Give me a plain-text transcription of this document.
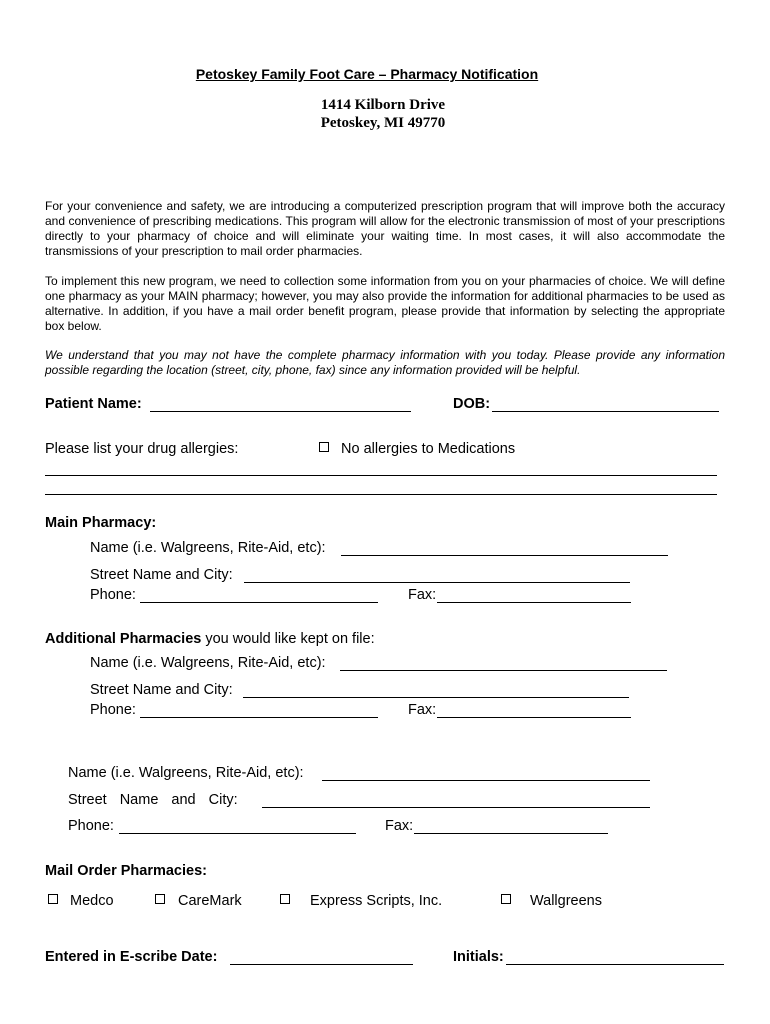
Petoskey Family Foot Care – Pharmacy Notification
1414 Kilborn Drive
Petoskey, MI 49770

For your convenience and safety, we are introducing a computerized prescription program that will improve both the accuracy and convenience of prescribing medications. This program will allow for the electronic transmission of most of your prescriptions directly to your pharmacy of choice and will eliminate your waiting time. In most cases, it will also accommodate the transmissions of your prescription to mail order pharmacies.

To implement this new program, we need to collection some information from you on your pharmacies of choice. We will define one pharmacy as your MAIN pharmacy; however, you may also provide the information for additional pharmacies to be used as alternative. In addition, if you have a mail order benefit program, please provide that information by selecting the appropriate box below.

We understand that you may not have the complete pharmacy information with you today. Please provide any information possible regarding the location (street, city, phone, fax) since any information provided will be helpful.

Patient Name:	DOB:
Please list your drug allergies:	No allergies to Medications
Main Pharmacy:
Name (i.e. Walgreens, Rite-Aid, etc):
Street Name and City:
Phone:	Fax:
Additional Pharmacies you would like kept on file:
Name (i.e. Walgreens, Rite-Aid, etc):
Street Name and City:
Phone:	Fax:
Name (i.e. Walgreens, Rite-Aid, etc):
Street Name and City:
Phone:	Fax:
Mail Order Pharmacies:
Medco	CareMark	Express Scripts, Inc.	Wallgreens
Entered in E-scribe Date:	Initials:
